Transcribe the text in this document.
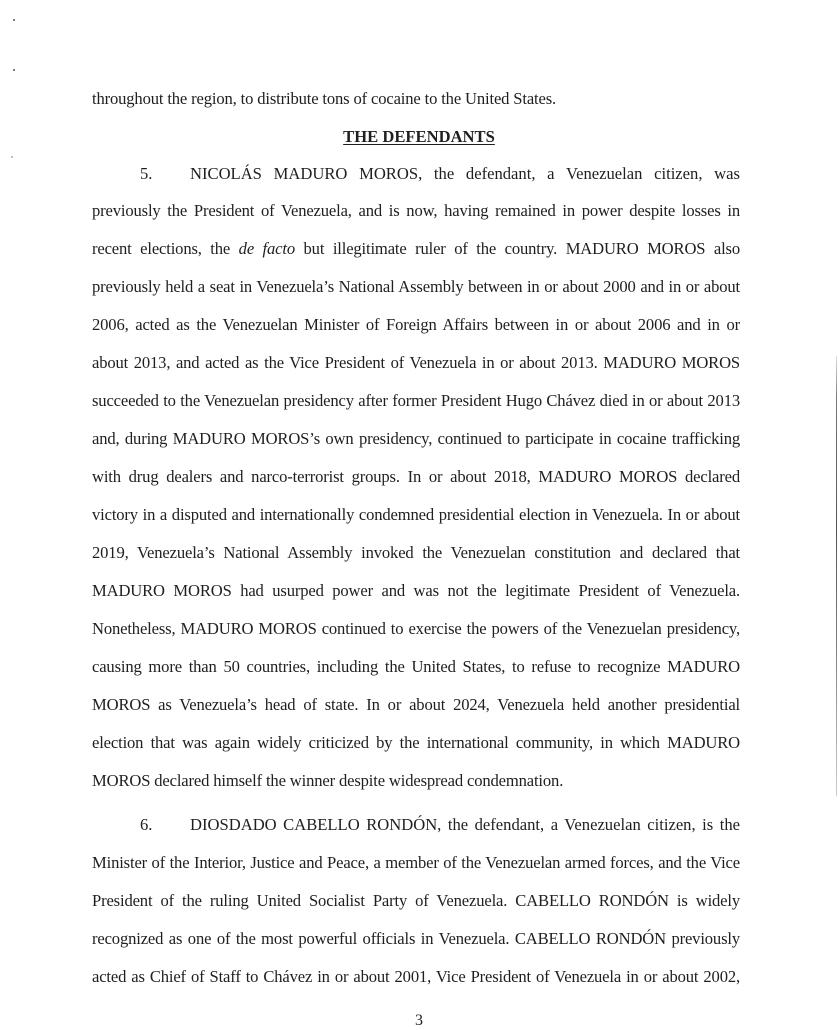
throughout the region, to distribute tons of cocaine to the United States.
THE DEFENDANTS
5. NICOLÁS MADURO MOROS, the defendant, a Venezuelan citizen, was
previously the President of Venezuela, and is now, having remained in power despite losses in
recent elections, the de facto but illegitimate ruler of the country. MADURO MOROS also
previously held a seat in Venezuela’s National Assembly between in or about 2000 and in or about
2006, acted as the Venezuelan Minister of Foreign Affairs between in or about 2006 and in or
about 2013, and acted as the Vice President of Venezuela in or about 2013. MADURO MOROS
succeeded to the Venezuelan presidency after former President Hugo Chávez died in or about 2013
and, during MADURO MOROS’s own presidency, continued to participate in cocaine trafficking
with drug dealers and narco-terrorist groups. In or about 2018, MADURO MOROS declared
victory in a disputed and internationally condemned presidential election in Venezuela. In or about
2019, Venezuela’s National Assembly invoked the Venezuelan constitution and declared that
MADURO MOROS had usurped power and was not the legitimate President of Venezuela.
Nonetheless, MADURO MOROS continued to exercise the powers of the Venezuelan presidency,
causing more than 50 countries, including the United States, to refuse to recognize MADURO
MOROS as Venezuela’s head of state. In or about 2024, Venezuela held another presidential
election that was again widely criticized by the international community, in which MADURO
MOROS declared himself the winner despite widespread condemnation.
6. DIOSDADO CABELLO RONDÓN, the defendant, a Venezuelan citizen, is the
Minister of the Interior, Justice and Peace, a member of the Venezuelan armed forces, and the Vice
President of the ruling United Socialist Party of Venezuela. CABELLO RONDÓN is widely
recognized as one of the most powerful officials in Venezuela. CABELLO RONDÓN previously
acted as Chief of Staff to Chávez in or about 2001, Vice President of Venezuela in or about 2002,
3
